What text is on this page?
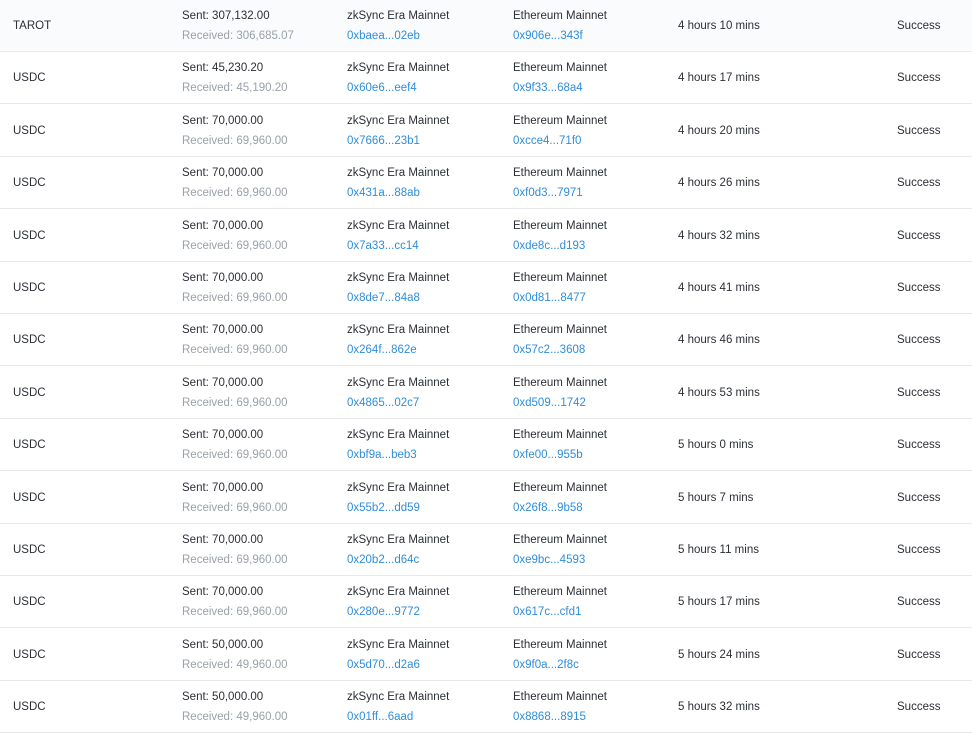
TAROT
Sent: 307,132.00
Received: 306,685.07
zkSync Era Mainnet
0xbaea...02eb
Ethereum Mainnet
0x906e...343f
4 hours 10 mins	Success
USDC
Sent: 45,230.20
Received: 45,190.20
zkSync Era Mainnet
0x60e6...eef4
Ethereum Mainnet
0x9f33...68a4
4 hours 17 mins	Success
USDC
Sent: 70,000.00
Received: 69,960.00
zkSync Era Mainnet
0x7666...23b1
Ethereum Mainnet
0xcce4...71f0
4 hours 20 mins	Success
USDC
Sent: 70,000.00
Received: 69,960.00
zkSync Era Mainnet
0x431a...88ab
Ethereum Mainnet
0xf0d3...7971
4 hours 26 mins	Success
USDC
Sent: 70,000.00
Received: 69,960.00
zkSync Era Mainnet
0x7a33...cc14
Ethereum Mainnet
0xde8c...d193
4 hours 32 mins	Success
USDC
Sent: 70,000.00
Received: 69,960.00
zkSync Era Mainnet
0x8de7...84a8
Ethereum Mainnet
0x0d81...8477
4 hours 41 mins	Success
USDC
Sent: 70,000.00
Received: 69,960.00
zkSync Era Mainnet
0x264f...862e
Ethereum Mainnet
0x57c2...3608
4 hours 46 mins	Success
USDC
Sent: 70,000.00
Received: 69,960.00
zkSync Era Mainnet
0x4865...02c7
Ethereum Mainnet
0xd509...1742
4 hours 53 mins	Success
USDC
Sent: 70,000.00
Received: 69,960.00
zkSync Era Mainnet
0xbf9a...beb3
Ethereum Mainnet
0xfe00...955b
5 hours 0 mins	Success
USDC
Sent: 70,000.00
Received: 69,960.00
zkSync Era Mainnet
0x55b2...dd59
Ethereum Mainnet
0x26f8...9b58
5 hours 7 mins	Success
USDC
Sent: 70,000.00
Received: 69,960.00
zkSync Era Mainnet
0x20b2...d64c
Ethereum Mainnet
0xe9bc...4593
5 hours 11 mins	Success
USDC
Sent: 70,000.00
Received: 69,960.00
zkSync Era Mainnet
0x280e...9772
Ethereum Mainnet
0x617c...cfd1
5 hours 17 mins	Success
USDC
Sent: 50,000.00
Received: 49,960.00
zkSync Era Mainnet
0x5d70...d2a6
Ethereum Mainnet
0x9f0a...2f8c
5 hours 24 mins	Success
USDC
Sent: 50,000.00
Received: 49,960.00
zkSync Era Mainnet
0x01ff...6aad
Ethereum Mainnet
0x8868...8915
5 hours 32 mins	Success
